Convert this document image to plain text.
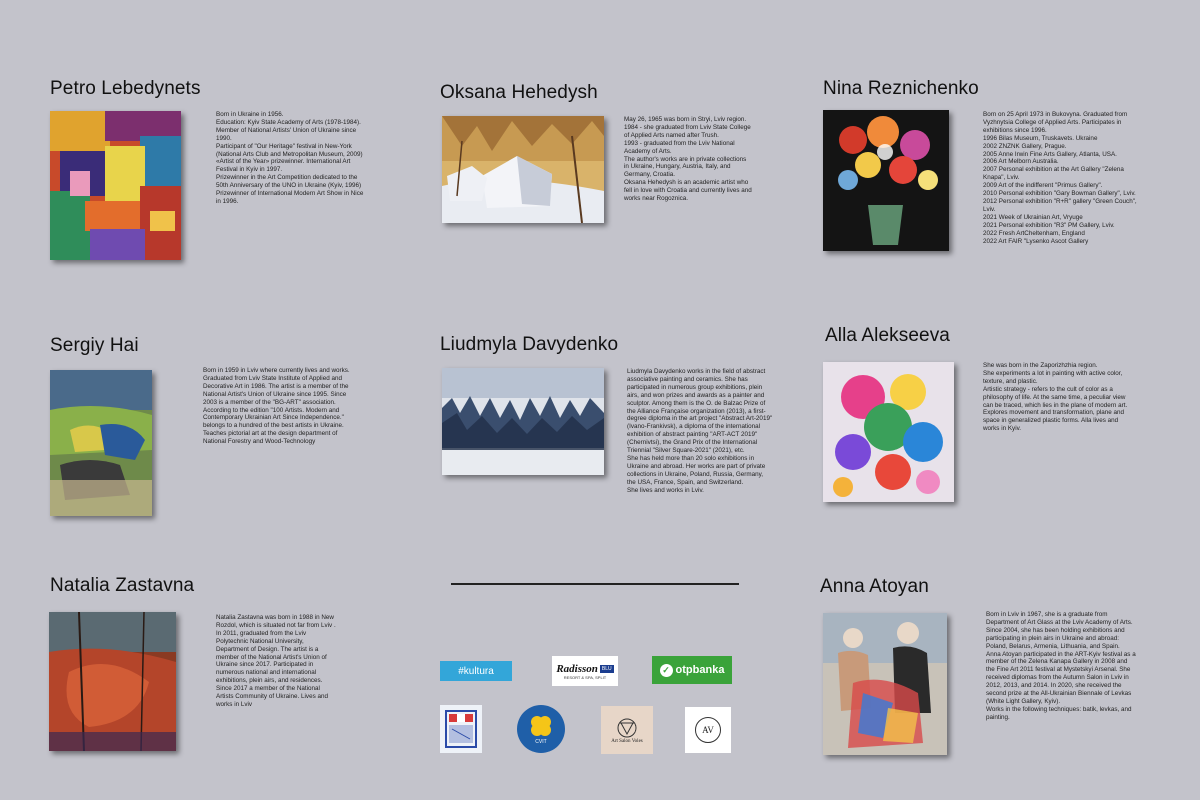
Petro Lebedynets

Born in Ukraine in 1956.

Education: Kyiv State Academy of Arts (1978-1984).

Member of National Artists' Union of Ukraine since 1990.

Participant of "Our Heritage" festival in New-York (National Arts Club and Metropolitan Museum, 2009)

«Artist of the Year» prizewinner. International Art Festival in Kyiv in 1997.

Prizewinner in the Art Competition dedicated to the 50th Anniversary of the UNO in Ukraine (Kyiv, 1996)

Prizewinner of International Modern Art Show in Nice in 1996.

Oksana Hehedysh

May 26, 1965 was born in Stryi, Lviv region.

1984 - she graduated from Lviv State College of Applied Arts named after Trush.

1993 - graduated from the Lviv National Academy of Arts.

The author's works are in private collections in Ukraine, Hungary, Austria, Italy, and Germany, Croatia.

Oksana Hehedysh is an academic artist who fell in love with Croatia and currently lives and works near Rogoznica.

Nina Reznichenko

Born on 25 April 1973 in Bukovyna. Graduated from Vyzhnytsia College of Applied Arts. Participates in exhibitions since 1996.

1996 Bilas Museum, Truskavets. Ukraine

2002 ZNZNK Gallery, Prague.

2005 Anne Irwin Fine Arts Gallery, Atlanta, USA.

2006 Art Melborn Australia.

2007 Personal exhibition at the Art Gallery "Zelena Knapa", Lviv.

2009 Art of the indifferent "Primus Gallery".

2010 Personal exhibition "Gary Bowman Gallery", Lviv.

2012 Personal exhibition "R+R" gallery "Green Couch", Lviv.

2021 Week of Ukrainian Art, Vryuge

2021 Personal exhibition "R3" PM Gallery, Lviv.

2022 Fresh ArtCheltenham, England

2022 Art FAIR "Lysenko Ascot Gallery

Sergiy Hai

Born in 1959 in Lviv where currently lives and works. Graduated from Lviv State Institute of Applied and Decorative Art in 1986. The artist is a member of the National Artist's Union of Ukraine since 1995. Since 2003 is a member of the "BG-ART" association. According to the edition "100 Artists. Modern and Contemporary Ukrainian Art Since Independence." belongs to a hundred of the best artists in Ukraine. Teaches pictorial art at the design department of National Forestry and Wood-Technology

Liudmyla Davydenko

Liudmyla Davydenko works in the field of abstract associative painting and ceramics. She has participated in numerous group exhibitions, plein airs, and won prizes and awards as a painter and sculptor. Among them is the O. de Balzac Prize of the Alliance Française organization (2013), a first-degree diploma in the art project "Abstract Art-2019" (Ivano-Frankivsk), a diploma of the international exhibition of abstract painting "ART-ACT 2019" (Chernivtsi), the Grand Prix of the International Triennial "Silver Square-2021" (2021), etc.

She has held more than 20 solo exhibitions in Ukraine and abroad. Her works are part of private collections in Ukraine, Poland, Russia, Germany, the USA, France, Spain, and Switzerland.

She lives and works in Lviv.

Alla Alekseeva

She was born in the Zaporizhzhia region.

She experiments a lot in painting with active color, texture, and plastic.

Artistic strategy - refers to the cult of color as a philosophy of life. At the same time, a peculiar view can be traced, which lies in the plane of modern art.

Explores movement and transformation, plane and space in generalized plastic forms. Alla lives and works in Kyiv.

Natalia Zastavna

Natalia Zastavna was born in 1988 in New Rozdol, which is situated not far from Lviv .

In 2011, graduated from the Lviv Polytechnic National University, Department of Design. The artist is a member of the National Artist's Union of Ukraine since 2017. Participated in numerous national and international exhibitions, plein airs, and residences. Since 2017 a member of the National Artists Community of Ukraine. Lives and works in Lviv

Anna Atoyan

Born in Lviv in 1967, she is a graduate from Department of Art Glass at the Lviv Academy of Arts. Since 2004, she has been holding exhibitions and participating in plein airs in Ukraine and abroad: Poland, Belarus, Armenia, Lithuania, and Spain.

Anna Atoyan participated in the ART-Kyiv festival as a member of the Zelena Kanapa Gallery in 2008 and the Fine Art 2011 festival at Mystetskyi Arsenal. She received diplomas from the Autumn Salon in Lviv in 2012, 2013, and 2014. In 2020, she received the second prize at the All-Ukrainian Biennale of Levkas (White Light Gallery, Kyiv).

Works in the following techniques: batik, levkas, and painting.

#kultura	Radisson BLU
RESORT & SPA, SPLIT
✓ otpbanka
CVIT	Art Salon Voles
AV
